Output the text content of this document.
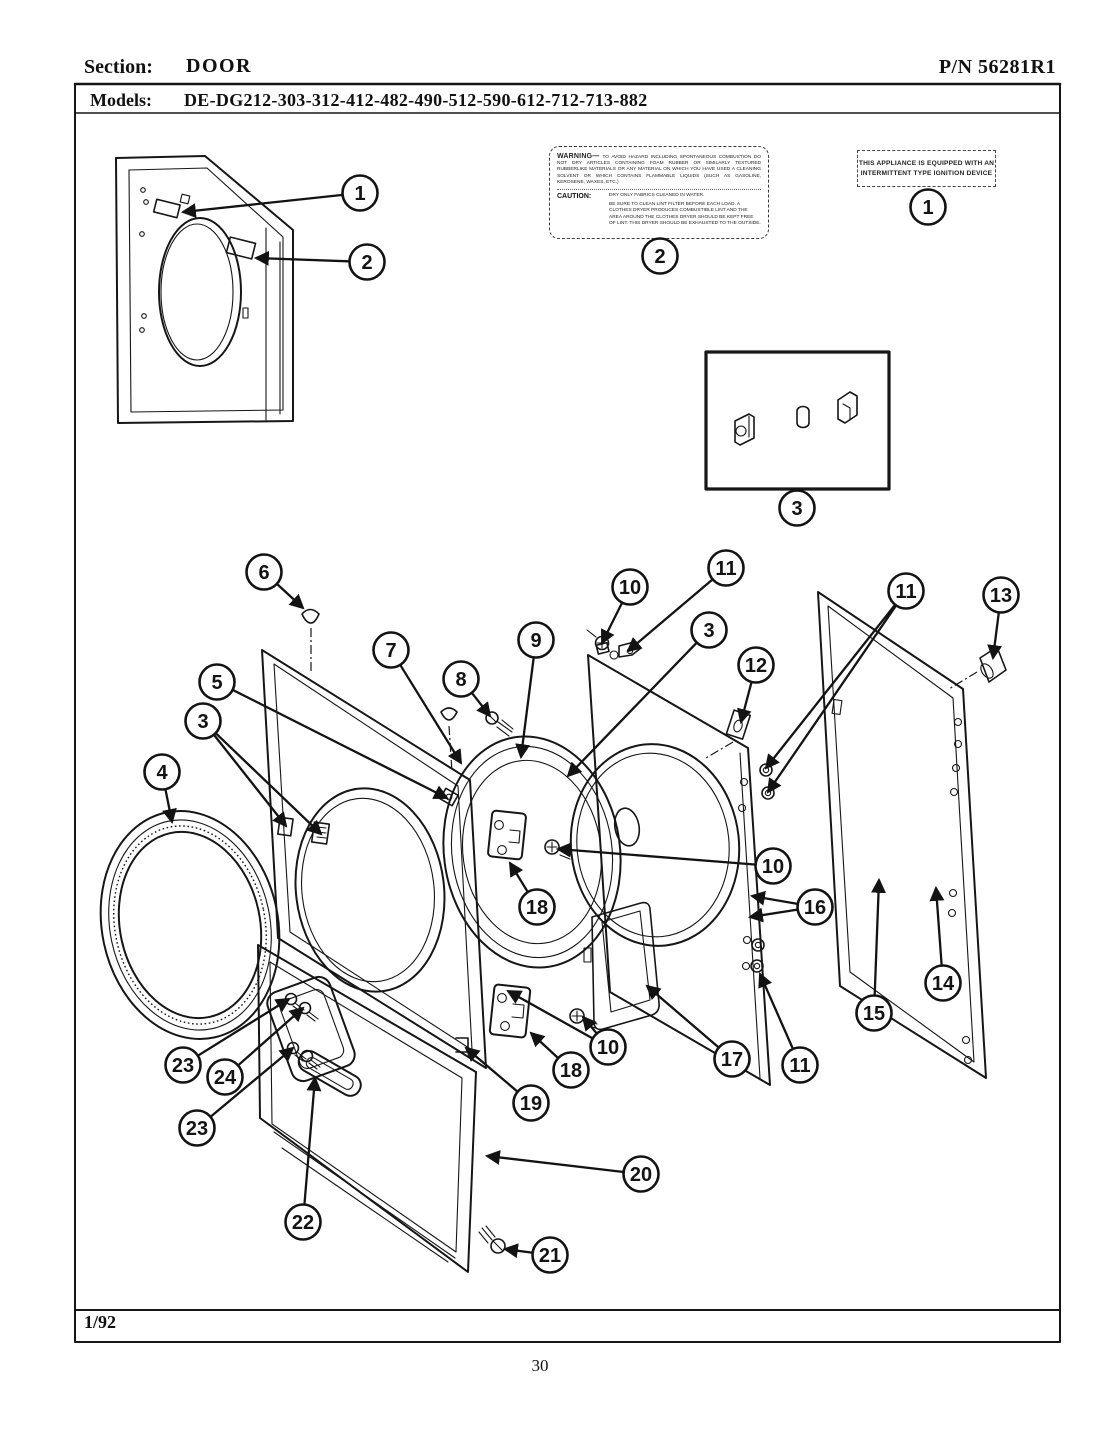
Section: DOOR	P/N 56281R1
Models: DE-DG212-303-312-412-482-490-512-590-612-712-713-882
WARNING— TO AVOID HAZARD INCLUDING SPONTANEOUS COMBUSTION DO NOT DRY ARTICLES CONTAINING FOAM RUBBER OR SIMILARLY TEXTURED RUBBERLIKE MATERIALS OR ANY MATERIAL ON WHICH YOU HAVE USED A CLEANING SOLVENT OR WHICH CONTAINS FLAMMABLE LIQUIDS (SUCH AS GASOLINE, KEROSENE, WAXES, ETC.)
CAUTION:	DRY ONLY FABRICS CLEANED IN WATER.
BE SURE TO CLEAN LINT FILTER BEFORE EACH LOAD. A CLOTHES DRYER PRODUCES COMBUSTIBLE LINT AND THE AREA AROUND THE CLOTHES DRYER SHOULD BE KEPT FREE OF LINT. THIS DRYER SHOULD BE EXHAUSTED TO THE OUTSIDE.
THIS APPLIANCE IS EQUIPPED WITH AN
INTERMITTENT TYPE IGNITION DEVICE
1/92
30
1
2	2
1
3
6
7
5
3
4
8
9
10
11
3
12
11	13
10
18	16
15
14
17 11
10
18
19
20
21
22
23
24
23
